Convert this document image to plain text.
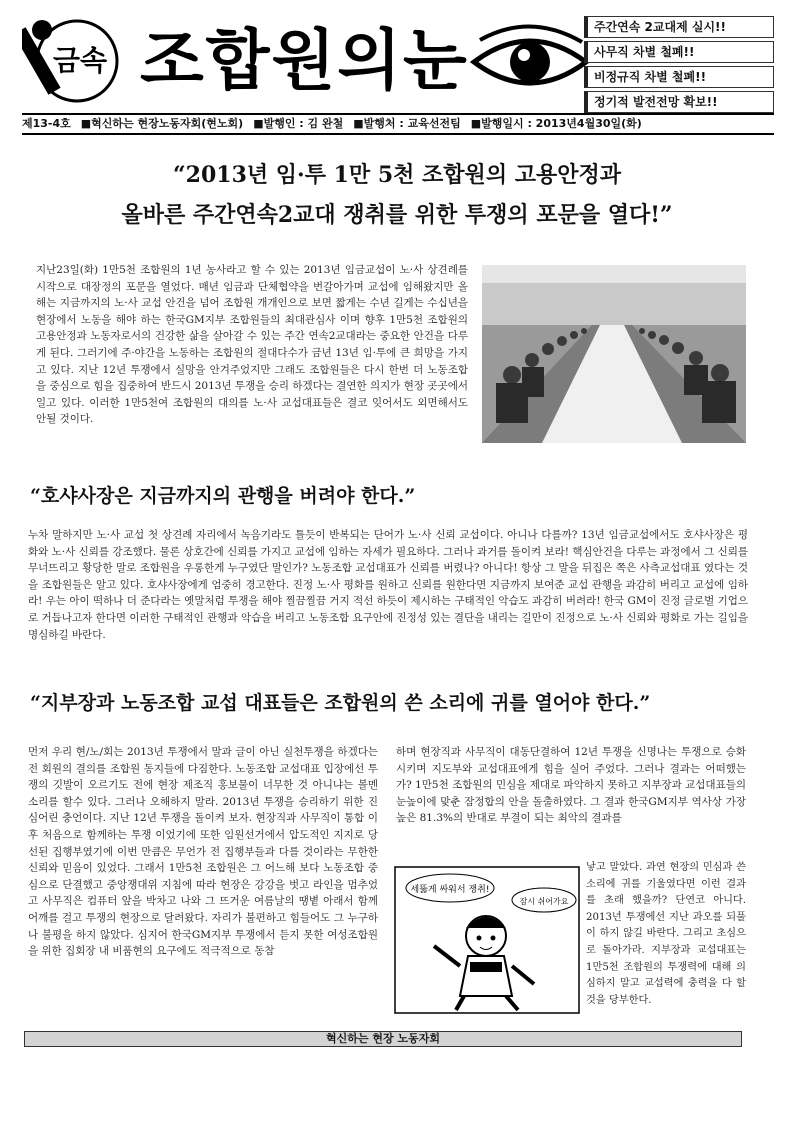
금속 조합원의눈	주간연속 2교대제 실시!!
사무직 차별 철폐!!
비정규직 차별 철폐!!
정기적 발전전망 확보!!
제13-4호 ■혁신하는 현장노동자회(현노회) ■발행인 : 김 완철 ■발행처 : 교육선전팀 ■발행일시 : 2013년4월30일(화)
“2013년 임·투 1만 5천 조합원의 고용안정과
올바른 주간연속2교대 쟁취를 위한 투쟁의 포문을 열다!”
지난23일(화) 1만5천 조합원의 1년 농사라고 할 수 있는 2013년 임금교섭이 노·사 상견례를 시작으로 대장정의 포문을 열었다. 매년 임금과 단체협약을 번갈아가며 교섭에 임해왔지만 올해는 지금까지의 노·사 교섭 안건을 넘어 조합원 개개인으로 보면 짧게는 수년 길게는 수십년을 현장에서 노동을 해야 하는 한국GM지부 조합원들의 최대관심사 이며 향후 1만5천 조합원의 고용안정과 노동자로서의 건강한 삶을 살아갈 수 있는 주간 연속2교대라는 중요한 안건을 다루게 된다. 그러기에 주·야간을 노동하는 조합원의 절대다수가 금년 13년 임·투에 큰 희망을 가지고 있다. 지난 12년 투쟁에서 실망을 안겨주었지만 그래도 조합원들은 다시 한번 더 노동조합을 중심으로 힘을 집중하여 반드시 2013년 투쟁을 승리 하겠다는 결연한 의지가 현장 곳곳에서 일고 있다. 이러한 1만5천여 조합원의 대의를 노·사 교섭대표들은 결코 잊어서도 외면해서도 안될 것이다.
“호샤사장은 지금까지의 관행을 버려야 한다.”
누차 말하지만 노·사 교섭 첫 상견례 자리에서 녹음기라도 틀듯이 반복되는 단어가 노·사 신뢰 교섭이다. 아니나 다를까? 13년 임금교섭에서도 호샤사장은 평화와 노·사 신뢰를 강조했다. 물론 상호간에 신뢰를 가지고 교섭에 임하는 자세가 필요하다. 그러나 과거를 돌이켜 보라! 핵심안건을 다루는 과정에서 그 신뢰를 무너뜨리고 황당한 말로 조합원을 우롱한게 누구였단 말인가? 노동조합 교섭대표가 신뢰를 버렸나? 아니다! 항상 그 말을 뒤집은 쪽은 사측교섭대표 였다는 것을 조합원들은 알고 있다. 호샤사장에게 엄중히 경고한다. 진정 노·사 평화를 원하고 신뢰를 원한다면 지금까지 보여준 교섭 관행을 과감히 버리고 교섭에 임하라! 우는 아이 떡하나 더 준다라는 옛말처럼 투쟁을 해야 찔끔찔끔 거지 적선 하듯이 제시하는 구태적인 악습도 과감히 버려라! 한국 GM이 진정 글로벌 기업으로 거듭나고자 한다면 이러한 구태적인 관행과 악습을 버리고 노동조합 요구안에 진정성 있는 결단을 내리는 길만이 진정으로 노·사 신뢰와 평화로 가는 길임을 명심하길 바란다.
“지부장과 노동조합 교섭 대표들은 조합원의 쓴 소리에 귀를 열어야 한다.”
먼저 우리 현/노/회는 2013년 투쟁에서 말과 글이 아닌 실천투쟁을 하겠다는 전 회원의 결의를 조합원 동지들에 다짐한다. 노동조합 교섭대표 입장에선 투쟁의 깃발이 오르기도 전에 현장 제조직 홍보물이 너무한 것 아니냐는 볼멘 소리를 할수 있다. 그러나 오해하지 말라. 2013년 투쟁을 승리하기 위한 진심어린 충언이다. 지난 12년 투쟁을 돌이켜 보자. 현장직과 사무직이 통합 이후 처음으로 함께하는 투쟁 이었기에 또한 임원선거에서 압도적인 지지로 당선된 집행부였기에 이번 만큼은 무언가 전 집행부들과 다를 것이라는 무한한 신뢰와 믿음이 있었다. 그래서 1만5천 조합원은 그 어느해 보다 노동조합 중심으로 단결했고 중앙쟁대위 지침에 따라 현장은 강강을 벗고 라인을 멈추었고 사무직은 컴퓨터 앞을 박차고 나와 그 뜨거운 여름날의 땡볕 아래서 함께 어깨를 걸고 투쟁의 현장으로 달려왔다. 자리가 불편하고 힘들어도 그 누구하나 불평을 하지 않았다. 심지어 한국GM지부 투쟁에서 듣지 못한 여성조합원을 위한 집회장 내 비품현의 요구에도 적극적으로 동참
하며 현장직과 사무직이 대동단결하여 12년 투쟁을 신명나는 투쟁으로 승화시키며 지도부와 교섭대표에게 힘을 실어 주었다. 그러나 결과는 어떠했는가? 1만5천 조합원의 민심을 제대로 파악하지 못하고 지부장과 교섭대표들의 눈높이에 맞춘 잠정합의 안을 돌출하였다. 그 결과 한국GM지부 역사상 가장 높은 81.3%의 반대로 부결이 되는 최악의 결과를
낳고 말았다. 과연 현장의 민심과 쓴소리에 귀를 기울였다면 이런 결과를 초래 했을까? 단연코 아니다. 2013년 투쟁에선 지난 과오를 되풀이 하지 않길 바란다. 그리고 초심으로 돌아가라. 지부장과 교섭대표는 1만5천 조합원의 투쟁력에 대해 의심하지 말고 교섭력에 충력을 다 할것을 당부한다.
세뚫게 싸워서 쟁취!
잠시 쉬어가요
혁신하는 현장 노동자회
